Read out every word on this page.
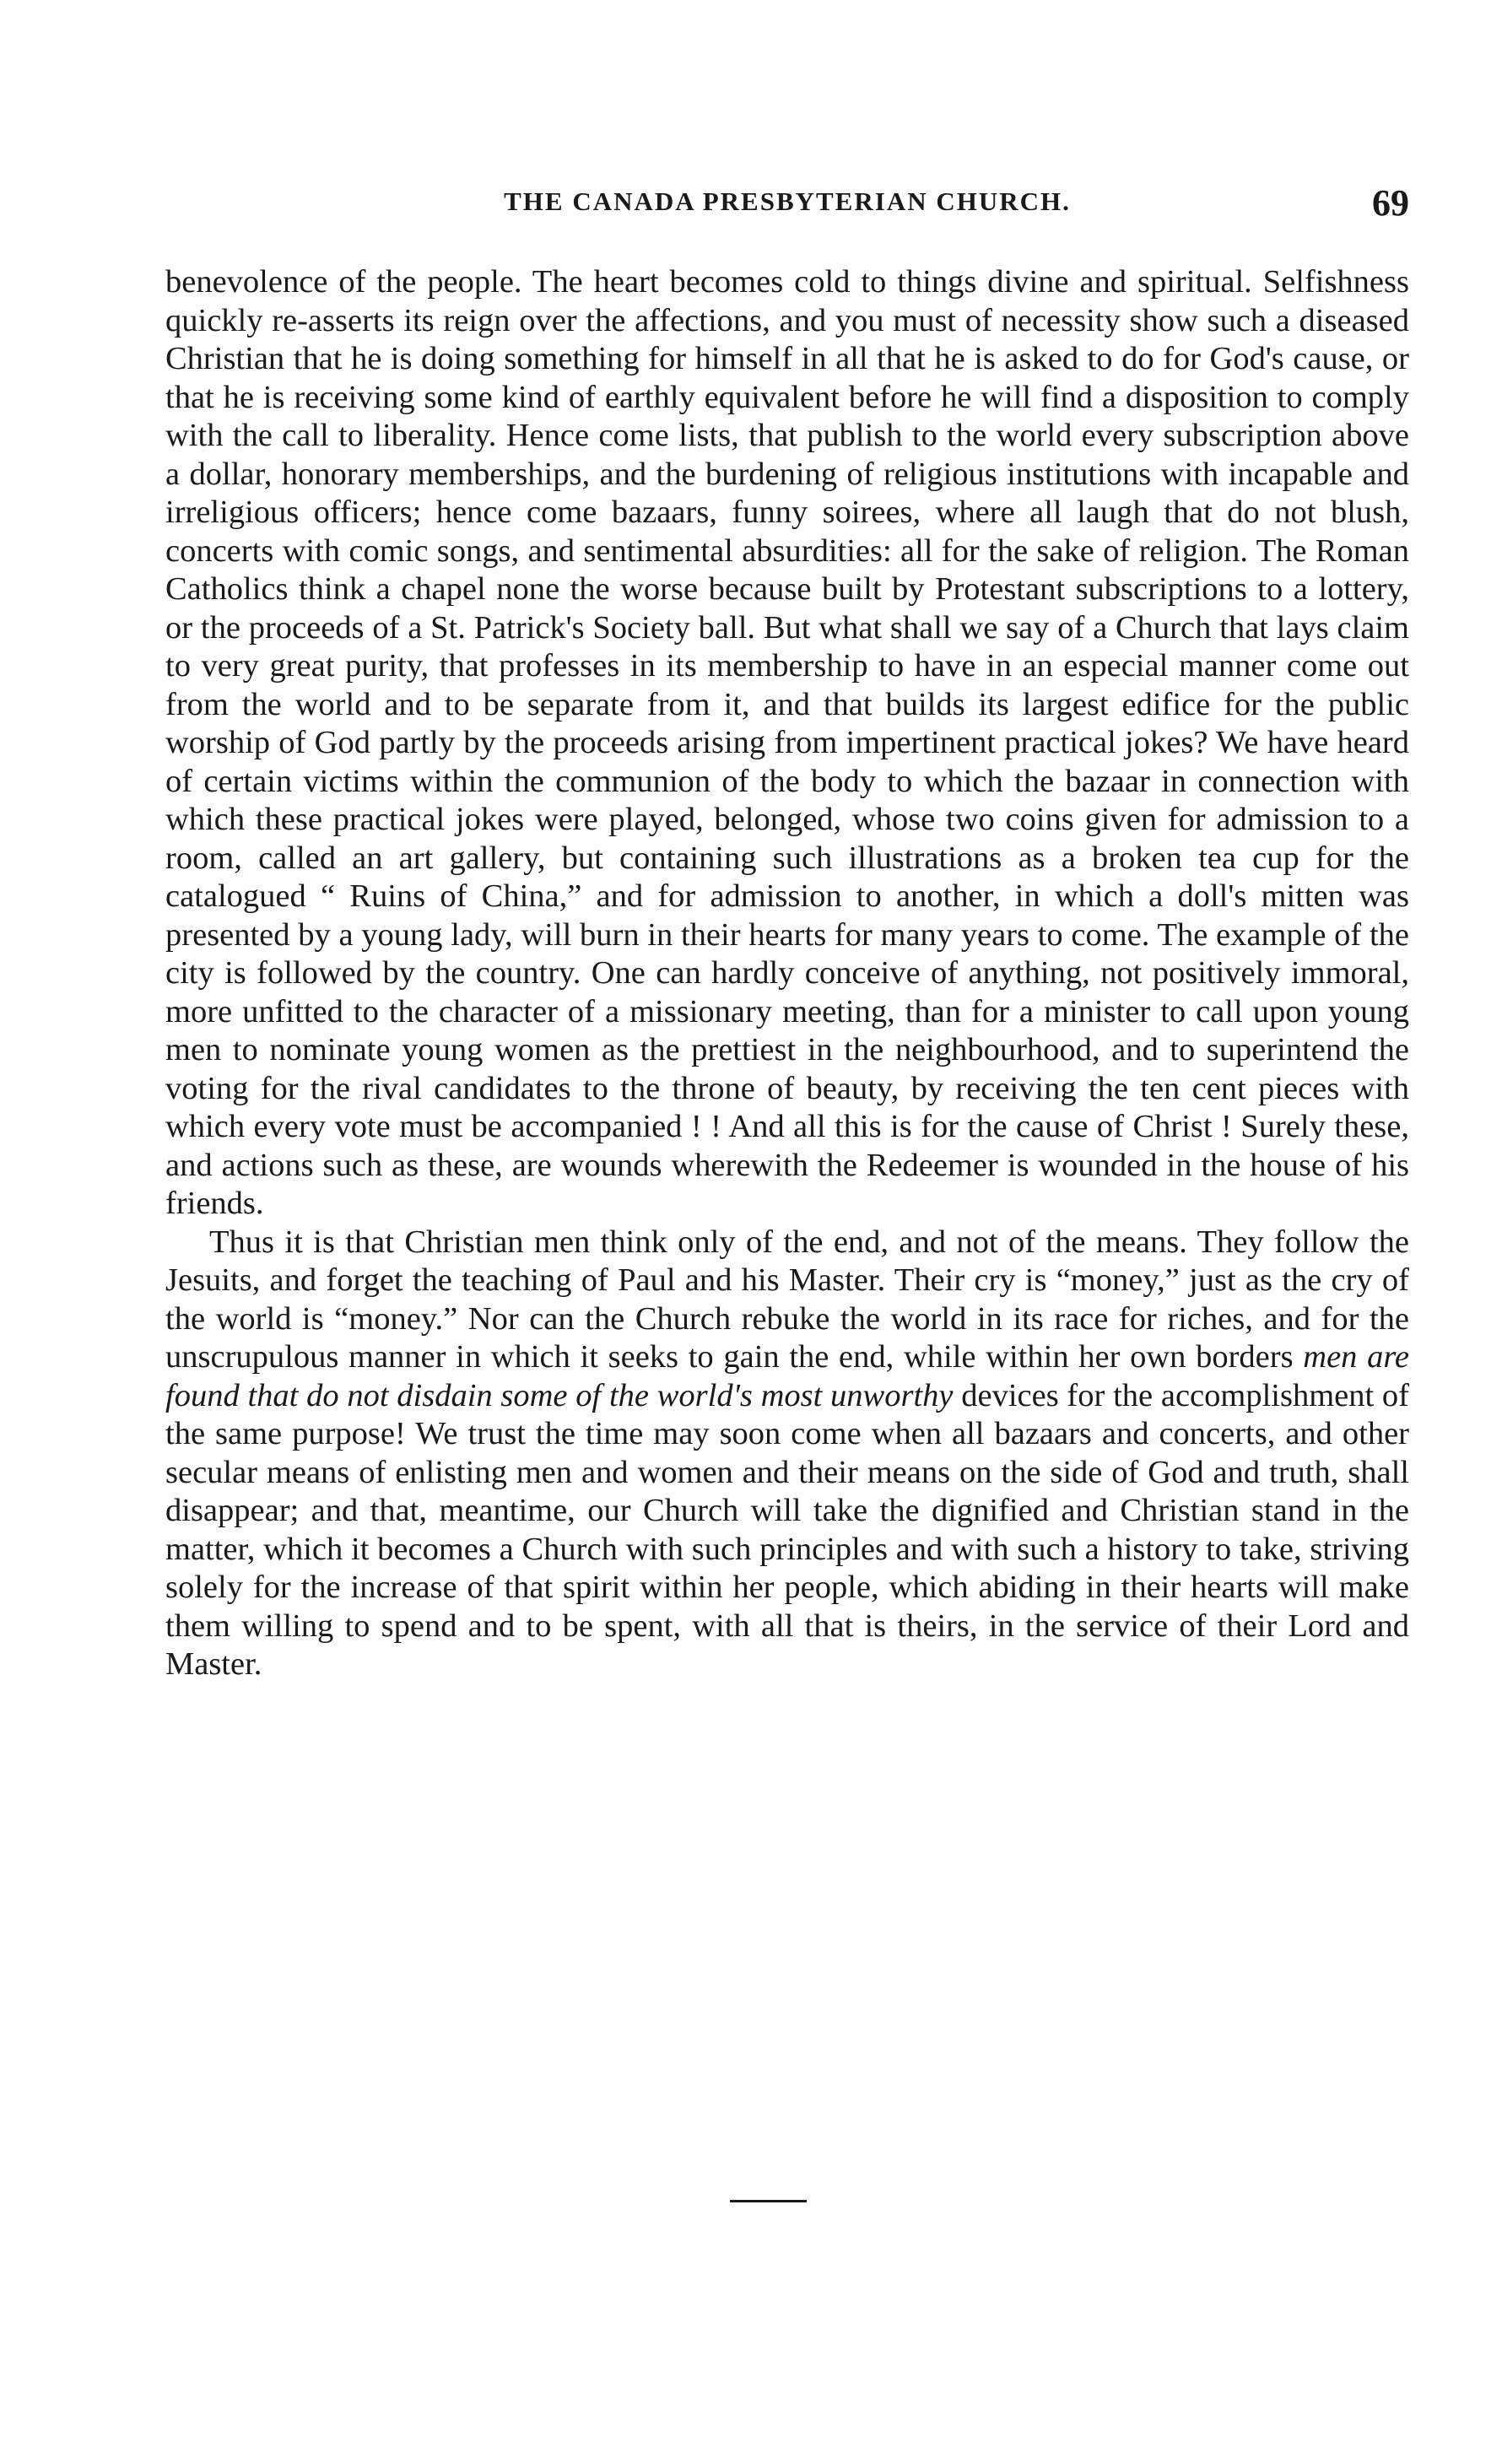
THE CANADA PRESBYTERIAN CHURCH.	69

benevolence of the people. The heart becomes cold to things divine and spiritual. Selfishness quickly re-asserts its reign over the affections, and you must of necessity show such a diseased Christian that he is doing something for himself in all that he is asked to do for God's cause, or that he is receiving some kind of earthly equivalent before he will find a disposition to comply with the call to liberality. Hence come lists, that publish to the world every subscription above a dollar, honorary memberships, and the burdening of religious institutions with incapable and irreligious officers; hence come bazaars, funny soirees, where all laugh that do not blush, concerts with comic songs, and sentimental absurdities: all for the sake of religion. The Roman Catholics think a chapel none the worse because built by Protestant subscriptions to a lottery, or the proceeds of a St. Patrick's Society ball. But what shall we say of a Church that lays claim to very great purity, that professes in its membership to have in an especial manner come out from the world and to be separate from it, and that builds its largest edifice for the public worship of God partly by the proceeds arising from impertinent practical jokes? We have heard of certain victims within the communion of the body to which the bazaar in connection with which these practical jokes were played, belonged, whose two coins given for admission to a room, called an art gallery, but containing such illustrations as a broken tea cup for the catalogued “ Ruins of China,” and for admission to another, in which a doll's mitten was presented by a young lady, will burn in their hearts for many years to come. The example of the city is followed by the country. One can hardly conceive of anything, not positively immoral, more unfitted to the character of a missionary meeting, than for a minister to call upon young men to nominate young women as the prettiest in the neighbourhood, and to superintend the voting for the rival candidates to the throne of beauty, by receiving the ten cent pieces with which every vote must be accompanied ! ! And all this is for the cause of Christ ! Surely these, and actions such as these, are wounds wherewith the Redeemer is wounded in the house of his friends.

Thus it is that Christian men think only of the end, and not of the means. They follow the Jesuits, and forget the teaching of Paul and his Master. Their cry is “money,” just as the cry of the world is “money.” Nor can the Church rebuke the world in its race for riches, and for the unscrupulous manner in which it seeks to gain the end, while within her own borders men are found that do not disdain some of the world's most unworthy devices for the accomplishment of the same purpose! We trust the time may soon come when all bazaars and concerts, and other secular means of enlisting men and women and their means on the side of God and truth, shall disappear; and that, meantime, our Church will take the dignified and Christian stand in the matter, which it becomes a Church with such principles and with such a history to take, striving solely for the increase of that spirit within her people, which abiding in their hearts will make them willing to spend and to be spent, with all that is theirs, in the service of their Lord and Master.
